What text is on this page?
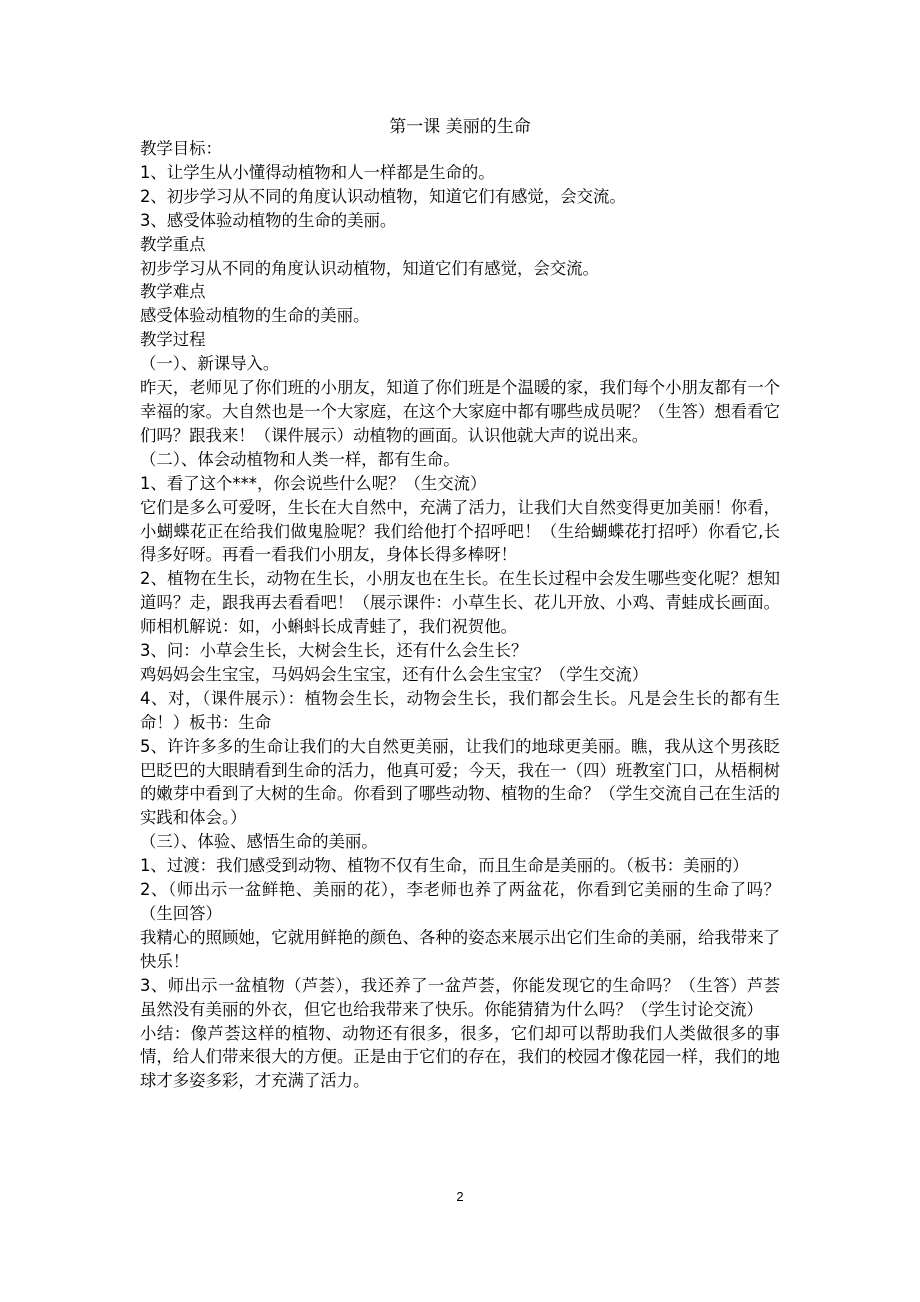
第一课 美丽的生命

教学目标：

1、让学生从小懂得动植物和人一样都是生命的。

2、初步学习从不同的角度认识动植物，知道它们有感觉，会交流。

3、感受体验动植物的生命的美丽。

教学重点

初步学习从不同的角度认识动植物，知道它们有感觉，会交流。

教学难点

感受体验动植物的生命的美丽。

教学过程

（一）、新课导入。

昨天，老师见了你们班的小朋友，知道了你们班是个温暖的家，我们每个小朋友都有一个幸福的家。大自然也是一个大家庭，在这个大家庭中都有哪些成员呢？（生答）想看看它们吗？跟我来！（课件展示）动植物的画面。认识他就大声的说出来。

（二）、体会动植物和人类一样，都有生命。

1、看了这个***，你会说些什么呢？（生交流）

它们是多么可爱呀，生长在大自然中，充满了活力，让我们大自然变得更加美丽！你看，小蝴蝶花正在给我们做鬼脸呢？我们给他打个招呼吧！（生给蝴蝶花打招呼）你看它,长得多好呀。再看一看我们小朋友，身体长得多棒呀！

2、植物在生长，动物在生长，小朋友也在生长。在生长过程中会发生哪些变化呢？想知道吗？走，跟我再去看看吧！（展示课件：小草生长、花儿开放、小鸡、青蛙成长画面。师相机解说：如，小蝌蚪长成青蛙了，我们祝贺他。

3、问：小草会生长，大树会生长，还有什么会生长？

鸡妈妈会生宝宝，马妈妈会生宝宝，还有什么会生宝宝？（学生交流）

4、对，（课件展示）：植物会生长，动物会生长，我们都会生长。凡是会生长的都有生命！）板书：生命

5、许许多多的生命让我们的大自然更美丽，让我们的地球更美丽。瞧，我从这个男孩眨巴眨巴的大眼睛看到生命的活力，他真可爱；今天，我在一（四）班教室门口，从梧桐树的嫩芽中看到了大树的生命。你看到了哪些动物、植物的生命？（学生交流自己在生活的实践和体会。）

（三）、体验、感悟生命的美丽。

1、过渡：我们感受到动物、植物不仅有生命，而且生命是美丽的。（板书：美丽的）

2、（师出示一盆鲜艳、美丽的花），李老师也养了两盆花，你看到它美丽的生命了吗？（生回答）

我精心的照顾她，它就用鲜艳的颜色、各种的姿态来展示出它们生命的美丽，给我带来了快乐！

3、师出示一盆植物（芦荟），我还养了一盆芦荟，你能发现它的生命吗？（生答）芦荟虽然没有美丽的外衣，但它也给我带来了快乐。你能猜猜为什么吗？（学生讨论交流）

小结：像芦荟这样的植物、动物还有很多，很多，它们却可以帮助我们人类做很多的事情，给人们带来很大的方便。正是由于它们的存在，我们的校园才像花园一样，我们的地球才多姿多彩，才充满了活力。

2
